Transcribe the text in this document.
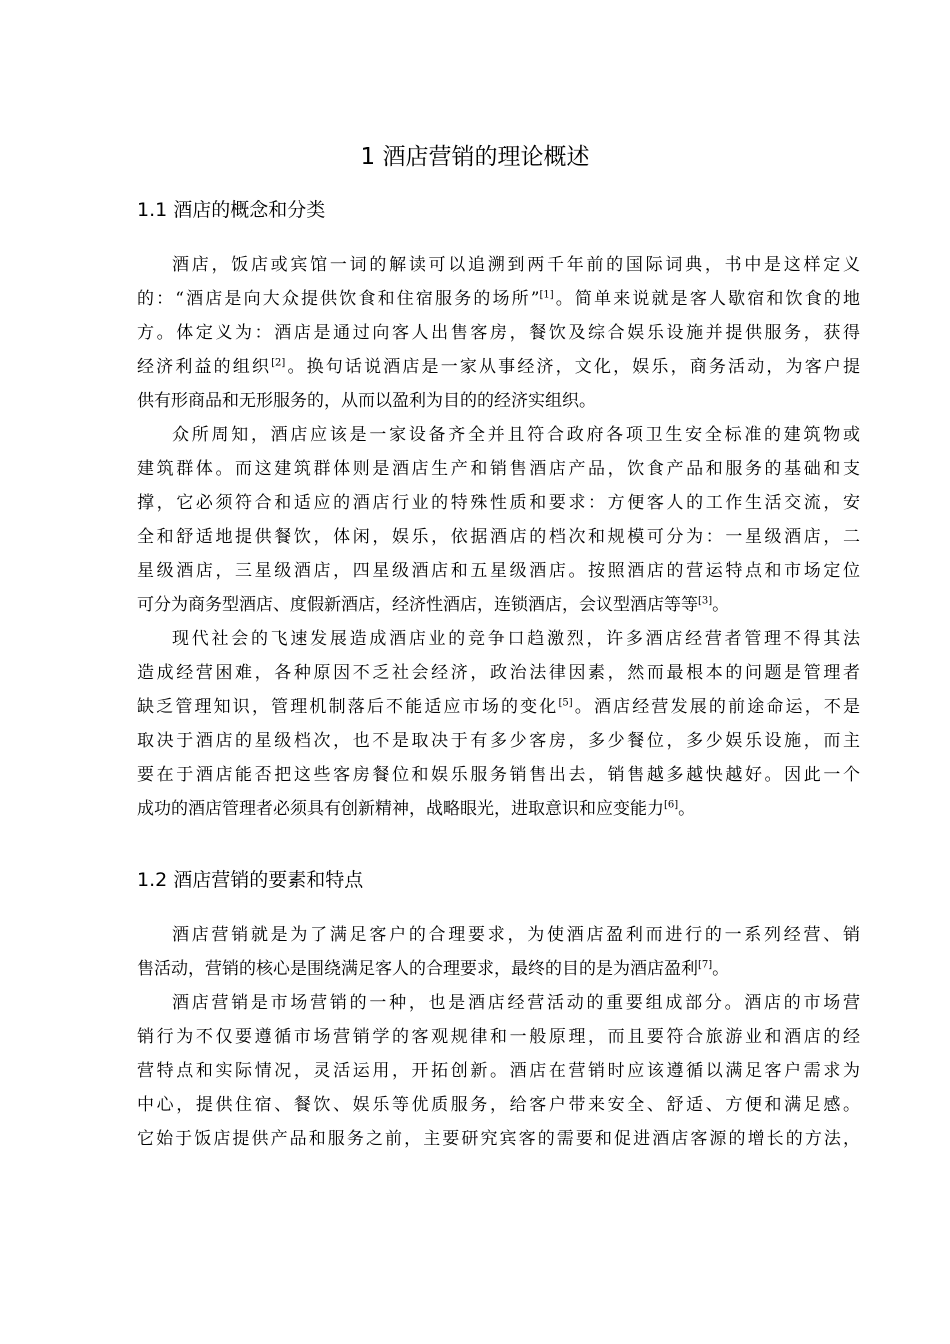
1 酒店营销的理论概述
1.1 酒店的概念和分类
酒店，饭店或宾馆一词的解读可以追溯到两千年前的国际词典，书中是这样定义
的：“酒店是向大众提供饮食和住宿服务的场所”[1]。简单来说就是客人歇宿和饮食的地
方。体定义为：酒店是通过向客人出售客房，餐饮及综合娱乐设施并提供服务，获得
经济利益的组织[2]。换句话说酒店是一家从事经济，文化，娱乐，商务活动，为客户提
供有形商品和无形服务的，从而以盈利为目的的经济实组织。
众所周知，酒店应该是一家设备齐全并且符合政府各项卫生安全标准的建筑物或
建筑群体。而这建筑群体则是酒店生产和销售酒店产品，饮食产品和服务的基础和支
撑，它必须符合和适应的酒店行业的特殊性质和要求：方便客人的工作生活交流，安
全和舒适地提供餐饮，体闲，娱乐，依据酒店的档次和规模可分为：一星级酒店，二
星级酒店，三星级酒店，四星级酒店和五星级酒店。按照酒店的营运特点和市场定位
可分为商务型酒店、度假新酒店，经济性酒店，连锁酒店，会议型酒店等等[3]。
现代社会的飞速发展造成酒店业的竞争口趋激烈，许多酒店经营者管理不得其法
造成经营困难，各种原因不乏社会经济，政治法律因素，然而最根本的问题是管理者
缺乏管理知识，管理机制落后不能适应市场的变化[5]。酒店经营发展的前途命运，不是
取决于酒店的星级档次，也不是取决于有多少客房，多少餐位，多少娱乐设施，而主
要在于酒店能否把这些客房餐位和娱乐服务销售出去，销售越多越快越好。因此一个
成功的酒店管理者必须具有创新精神，战略眼光，进取意识和应变能力[6]。
1.2 酒店营销的要素和特点
酒店营销就是为了满足客户的合理要求，为使酒店盈利而进行的一系列经营、销
售活动，营销的核心是围绕满足客人的合理要求，最终的目的是为酒店盈利[7]。
酒店营销是市场营销的一种，也是酒店经营活动的重要组成部分。酒店的市场营
销行为不仅要遵循市场营销学的客观规律和一般原理，而且要符合旅游业和酒店的经
营特点和实际情况，灵活运用，开拓创新。酒店在营销时应该遵循以满足客户需求为
中心，提供住宿、餐饮、娱乐等优质服务，给客户带来安全、舒适、方便和满足感。
它始于饭店提供产品和服务之前，主要研究宾客的需要和促进酒店客源的增长的方法，
